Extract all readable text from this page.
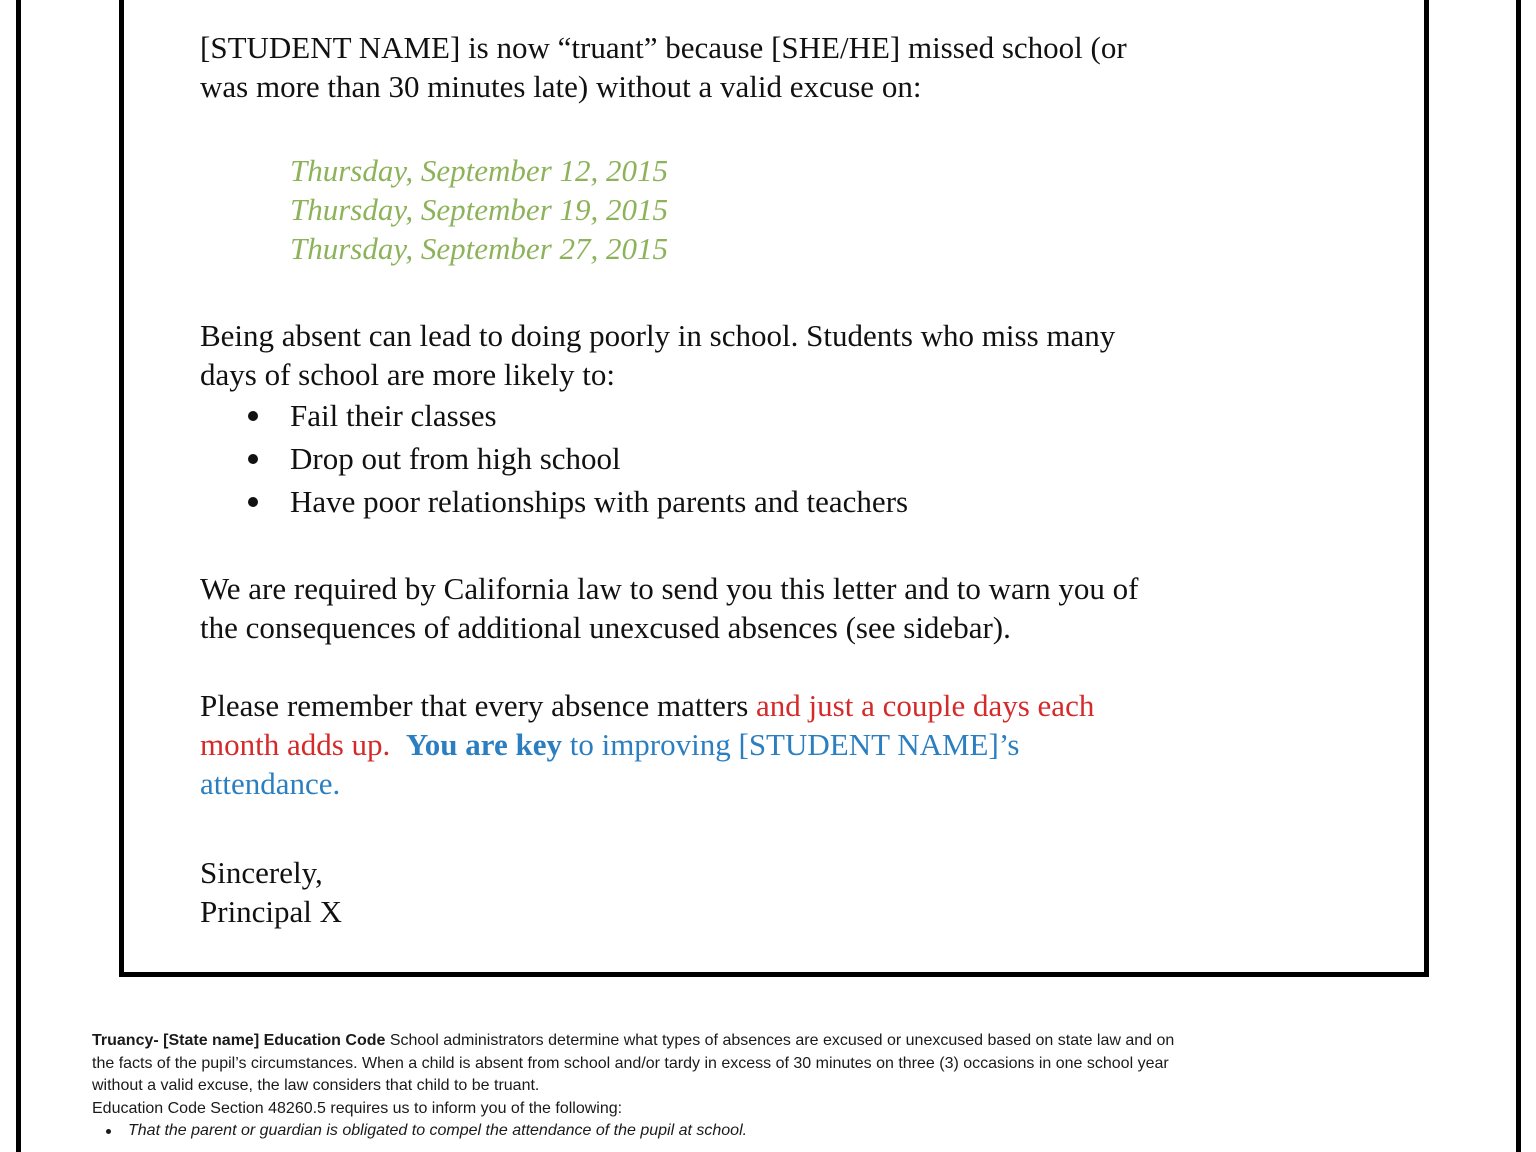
[STUDENT NAME] is now “truant” because [SHE/HE] missed school (or
was more than 30 minutes late) without a valid excuse on:

Thursday, September 12, 2015
Thursday, September 19, 2015
Thursday, September 27, 2015

Being absent can lead to doing poorly in school. Students who miss many
days of school are more likely to:

Fail their classes
Drop out from high school
Have poor relationships with parents and teachers

We are required by California law to send you this letter and to warn you of
the consequences of additional unexcused absences (see sidebar).

Please remember that every absence matters and just a couple days each
month adds up. You are key to improving [STUDENT NAME]’s
attendance.

Sincerely,
Principal X

Truancy- [State name] Education Code School administrators determine what types of absences are excused or unexcused based on state law and on

the facts of the pupil’s circumstances. When a child is absent from school and/or tardy in excess of 30 minutes on three (3) occasions in one school year

without a valid excuse, the law considers that child to be truant.

Education Code Section 48260.5 requires us to inform you of the following:

That the parent or guardian is obligated to compel the attendance of the pupil at school.
